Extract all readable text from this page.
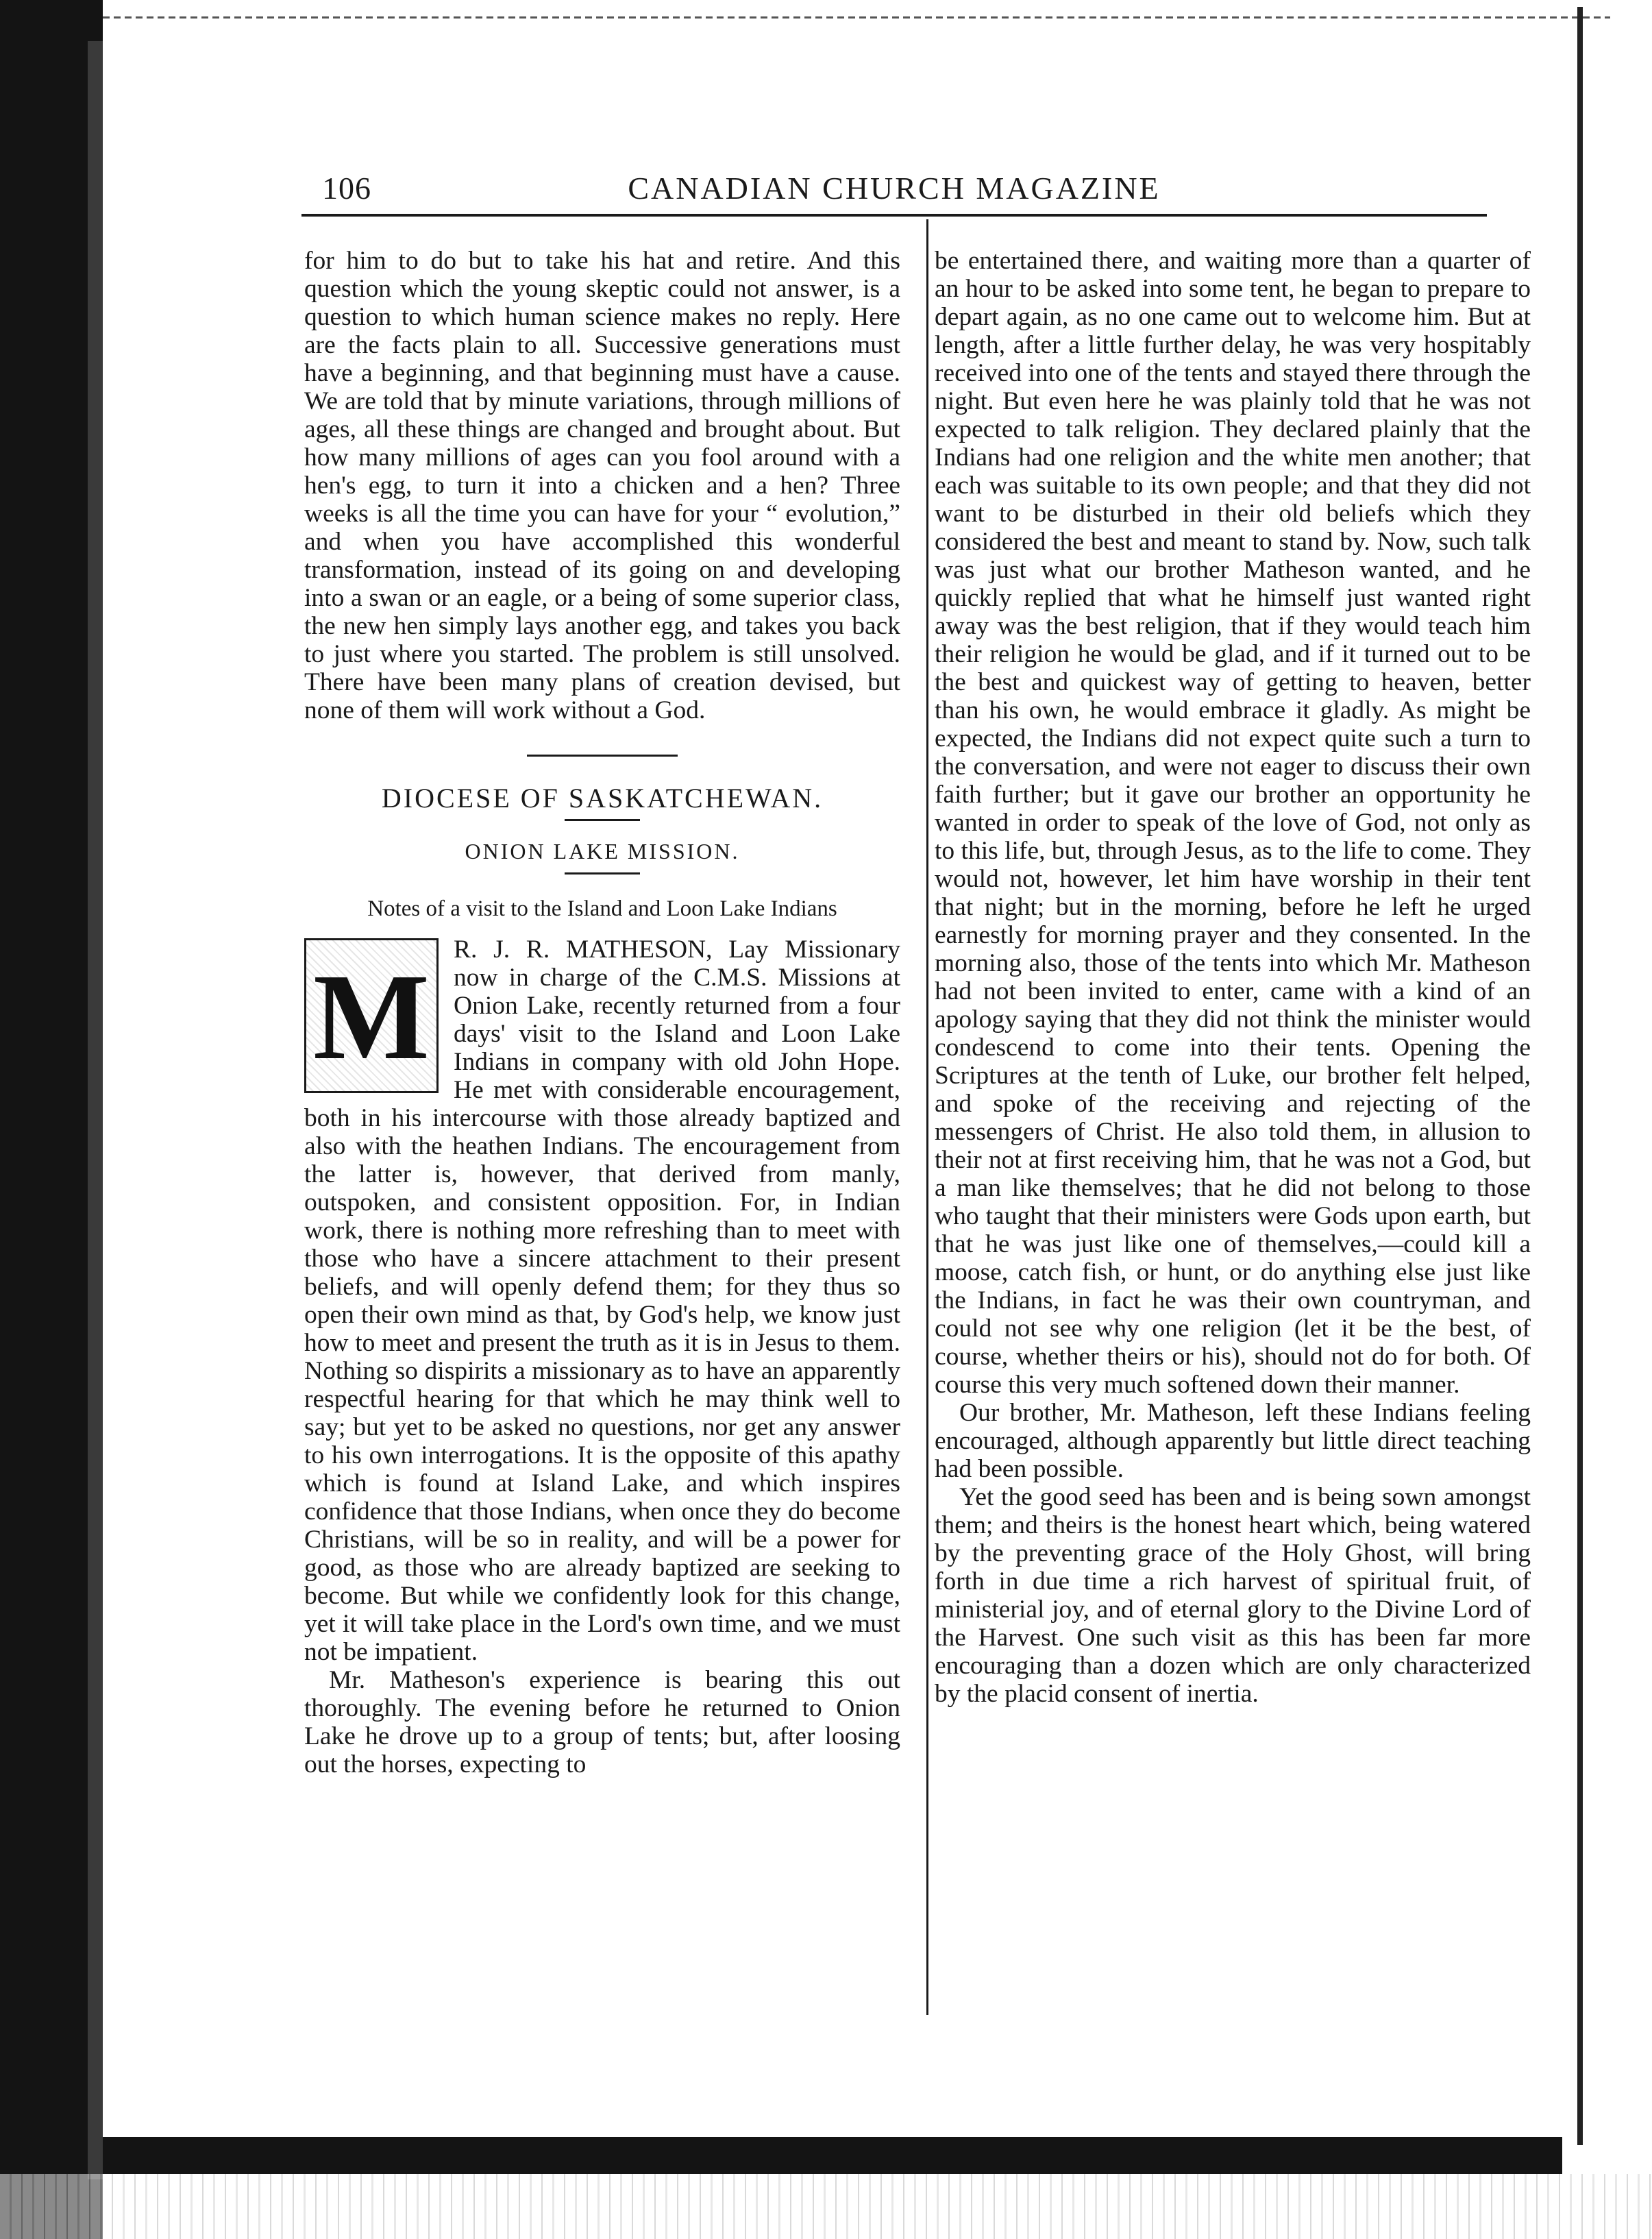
106	CANADIAN CHURCH MAGAZINE

for him to do but to take his hat and retire. And this question which the young skeptic could not answer, is a question to which human science makes no reply. Here are the facts plain to all. Successive generations must have a beginning, and that beginning must have a cause. We are told that by minute variations, through millions of ages, all these things are changed and brought about. But how many millions of ages can you fool around with a hen's egg, to turn it into a chicken and a hen? Three weeks is all the time you can have for your “ evolution,” and when you have accomplished this wonderful transformation, instead of its going on and developing into a swan or an eagle, or a being of some superior class, the new hen simply lays another egg, and takes you back to just where you started. The problem is still unsolved. There have been many plans of creation devised, but none of them will work without a God.

DIOCESE OF SASKATCHEWAN.
ONION LAKE MISSION.
Notes of a visit to the Island and Loon Lake Indians
M R. J. R. MATHESON, Lay Missionary now in charge of the C.M.S. Missions at Onion Lake, recently returned from a four days' visit to the Island and Loon Lake Indians in company with old John Hope. He met with considerable encouragement, both in his intercourse with those already baptized and also with the heathen Indians. The encouragement from the latter is, however, that derived from manly, outspoken, and consistent opposition. For, in Indian work, there is nothing more refreshing than to meet with those who have a sincere attachment to their present beliefs, and will openly defend them; for they thus so open their own mind as that, by God's help, we know just how to meet and present the truth as it is in Jesus to them. Nothing so dispirits a missionary as to have an apparently respectful hearing for that which he may think well to say; but yet to be asked no questions, nor get any answer to his own interrogations. It is the opposite of this apathy which is found at Island Lake, and which inspires confidence that those Indians, when once they do become Christians, will be so in reality, and will be a power for good, as those who are already baptized are seeking to become. But while we confidently look for this change, yet it will take place in the Lord's own time, and we must not be impatient.

Mr. Matheson's experience is bearing this out thoroughly. The evening before he returned to Onion Lake he drove up to a group of tents; but, after loosing out the horses, expecting to

be entertained there, and waiting more than a quarter of an hour to be asked into some tent, he began to prepare to depart again, as no one came out to welcome him. But at length, after a little further delay, he was very hospitably received into one of the tents and stayed there through the night. But even here he was plainly told that he was not expected to talk religion. They declared plainly that the Indians had one religion and the white men another; that each was suitable to its own people; and that they did not want to be disturbed in their old beliefs which they considered the best and meant to stand by. Now, such talk was just what our brother Matheson wanted, and he quickly replied that what he himself just wanted right away was the best religion, that if they would teach him their religion he would be glad, and if it turned out to be the best and quickest way of getting to heaven, better than his own, he would embrace it gladly. As might be expected, the Indians did not expect quite such a turn to the conversation, and were not eager to discuss their own faith further; but it gave our brother an opportunity he wanted in order to speak of the love of God, not only as to this life, but, through Jesus, as to the life to come. They would not, however, let him have worship in their tent that night; but in the morning, before he left he urged earnestly for morning prayer and they consented. In the morning also, those of the tents into which Mr. Matheson had not been invited to enter, came with a kind of an apology saying that they did not think the minister would condescend to come into their tents. Opening the Scriptures at the tenth of Luke, our brother felt helped, and spoke of the receiving and rejecting of the messengers of Christ. He also told them, in allusion to their not at first receiving him, that he was not a God, but a man like themselves; that he did not belong to those who taught that their ministers were Gods upon earth, but that he was just like one of themselves,—could kill a moose, catch fish, or hunt, or do anything else just like the Indians, in fact he was their own countryman, and could not see why one religion (let it be the best, of course, whether theirs or his), should not do for both. Of course this very much softened down their manner.

Our brother, Mr. Matheson, left these Indians feeling encouraged, although apparently but little direct teaching had been possible.

Yet the good seed has been and is being sown amongst them; and theirs is the honest heart which, being watered by the preventing grace of the Holy Ghost, will bring forth in due time a rich harvest of spiritual fruit, of ministerial joy, and of eternal glory to the Divine Lord of the Harvest. One such visit as this has been far more encouraging than a dozen which are only characterized by the placid consent of inertia.
